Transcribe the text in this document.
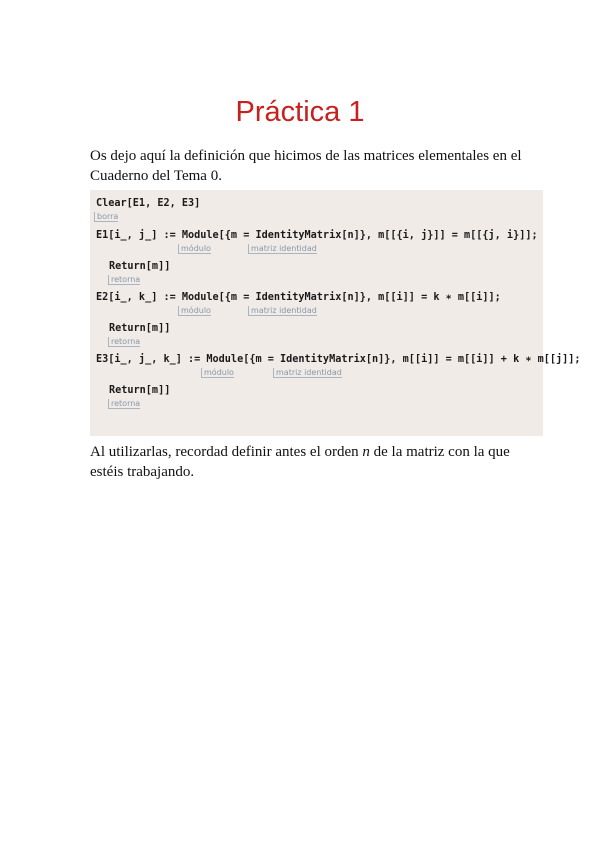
Práctica 1

Os dejo aquí la definición que hicimos de las matrices elementales en el Cuaderno del Tema 0.

Clear[E1, E2, E3]
borra
E1[i_, j_] := Module[{m = IdentityMatrix[n]}, m[[{i, j}]] = m[[{j, i}]];
módulo	matriz identidad
Return[m]]
retorna
E2[i_, k_] := Module[{m = IdentityMatrix[n]}, m[[i]] = k ∗ m[[i]];
módulo	matriz identidad
Return[m]]
retorna
E3[i_, j_, k_] := Module[{m = IdentityMatrix[n]}, m[[i]] = m[[i]] + k ∗ m[[j]];
módulo	matriz identidad
Return[m]]
retorna

Al utilizarlas, recordad definir antes el orden n de la matriz con la que estéis trabajando.
